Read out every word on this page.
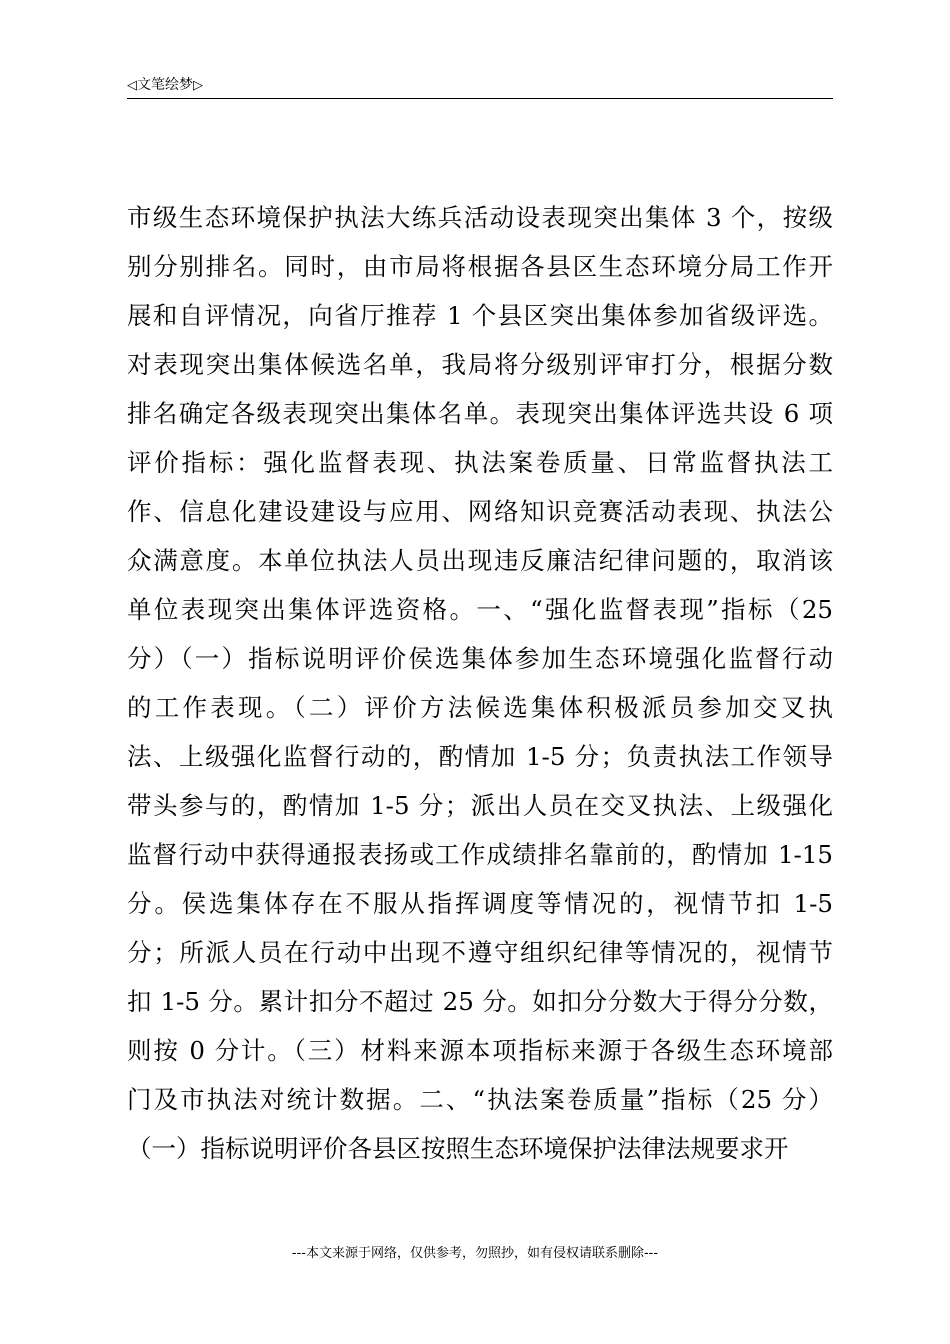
◁文笔绘梦▷
市级生态环境保护执法大练兵活动设表现突出集体 3 个，按级
别分别排名。同时，由市局将根据各县区生态环境分局工作开
展和自评情况，向省厅推荐 1 个县区突出集体参加省级评选。
对表现突出集体候选名单，我局将分级别评审打分，根据分数
排名确定各级表现突出集体名单。表现突出集体评选共设 6 项
评价指标：强化监督表现、执法案卷质量、日常监督执法工
作、信息化建设建设与应用、网络知识竞赛活动表现、执法公
众满意度。本单位执法人员出现违反廉洁纪律问题的，取消该
单位表现突出集体评选资格。一、“强化监督表现”指标（25
分）（一）指标说明评价侯选集体参加生态环境强化监督行动
的工作表现。（二）评价方法候选集体积极派员参加交叉执
法、上级强化监督行动的，酌情加 1-5 分；负责执法工作领导
带头参与的，酌情加 1-5 分；派出人员在交叉执法、上级强化
监督行动中获得通报表扬或工作成绩排名靠前的，酌情加 1-15
分。侯选集体存在不服从指挥调度等情况的，视情节扣 1-5
分；所派人员在行动中出现不遵守组织纪律等情况的，视情节
扣 1-5 分。累计扣分不超过 25 分。如扣分分数大于得分分数，
则按 0 分计。（三）材料来源本项指标来源于各级生态环境部
门及市执法对统计数据。二、“执法案卷质量”指标（25 分）
（一）指标说明评价各县区按照生态环境保护法律法规要求开
---本文来源于网络，仅供参考，勿照抄，如有侵权请联系删除---
